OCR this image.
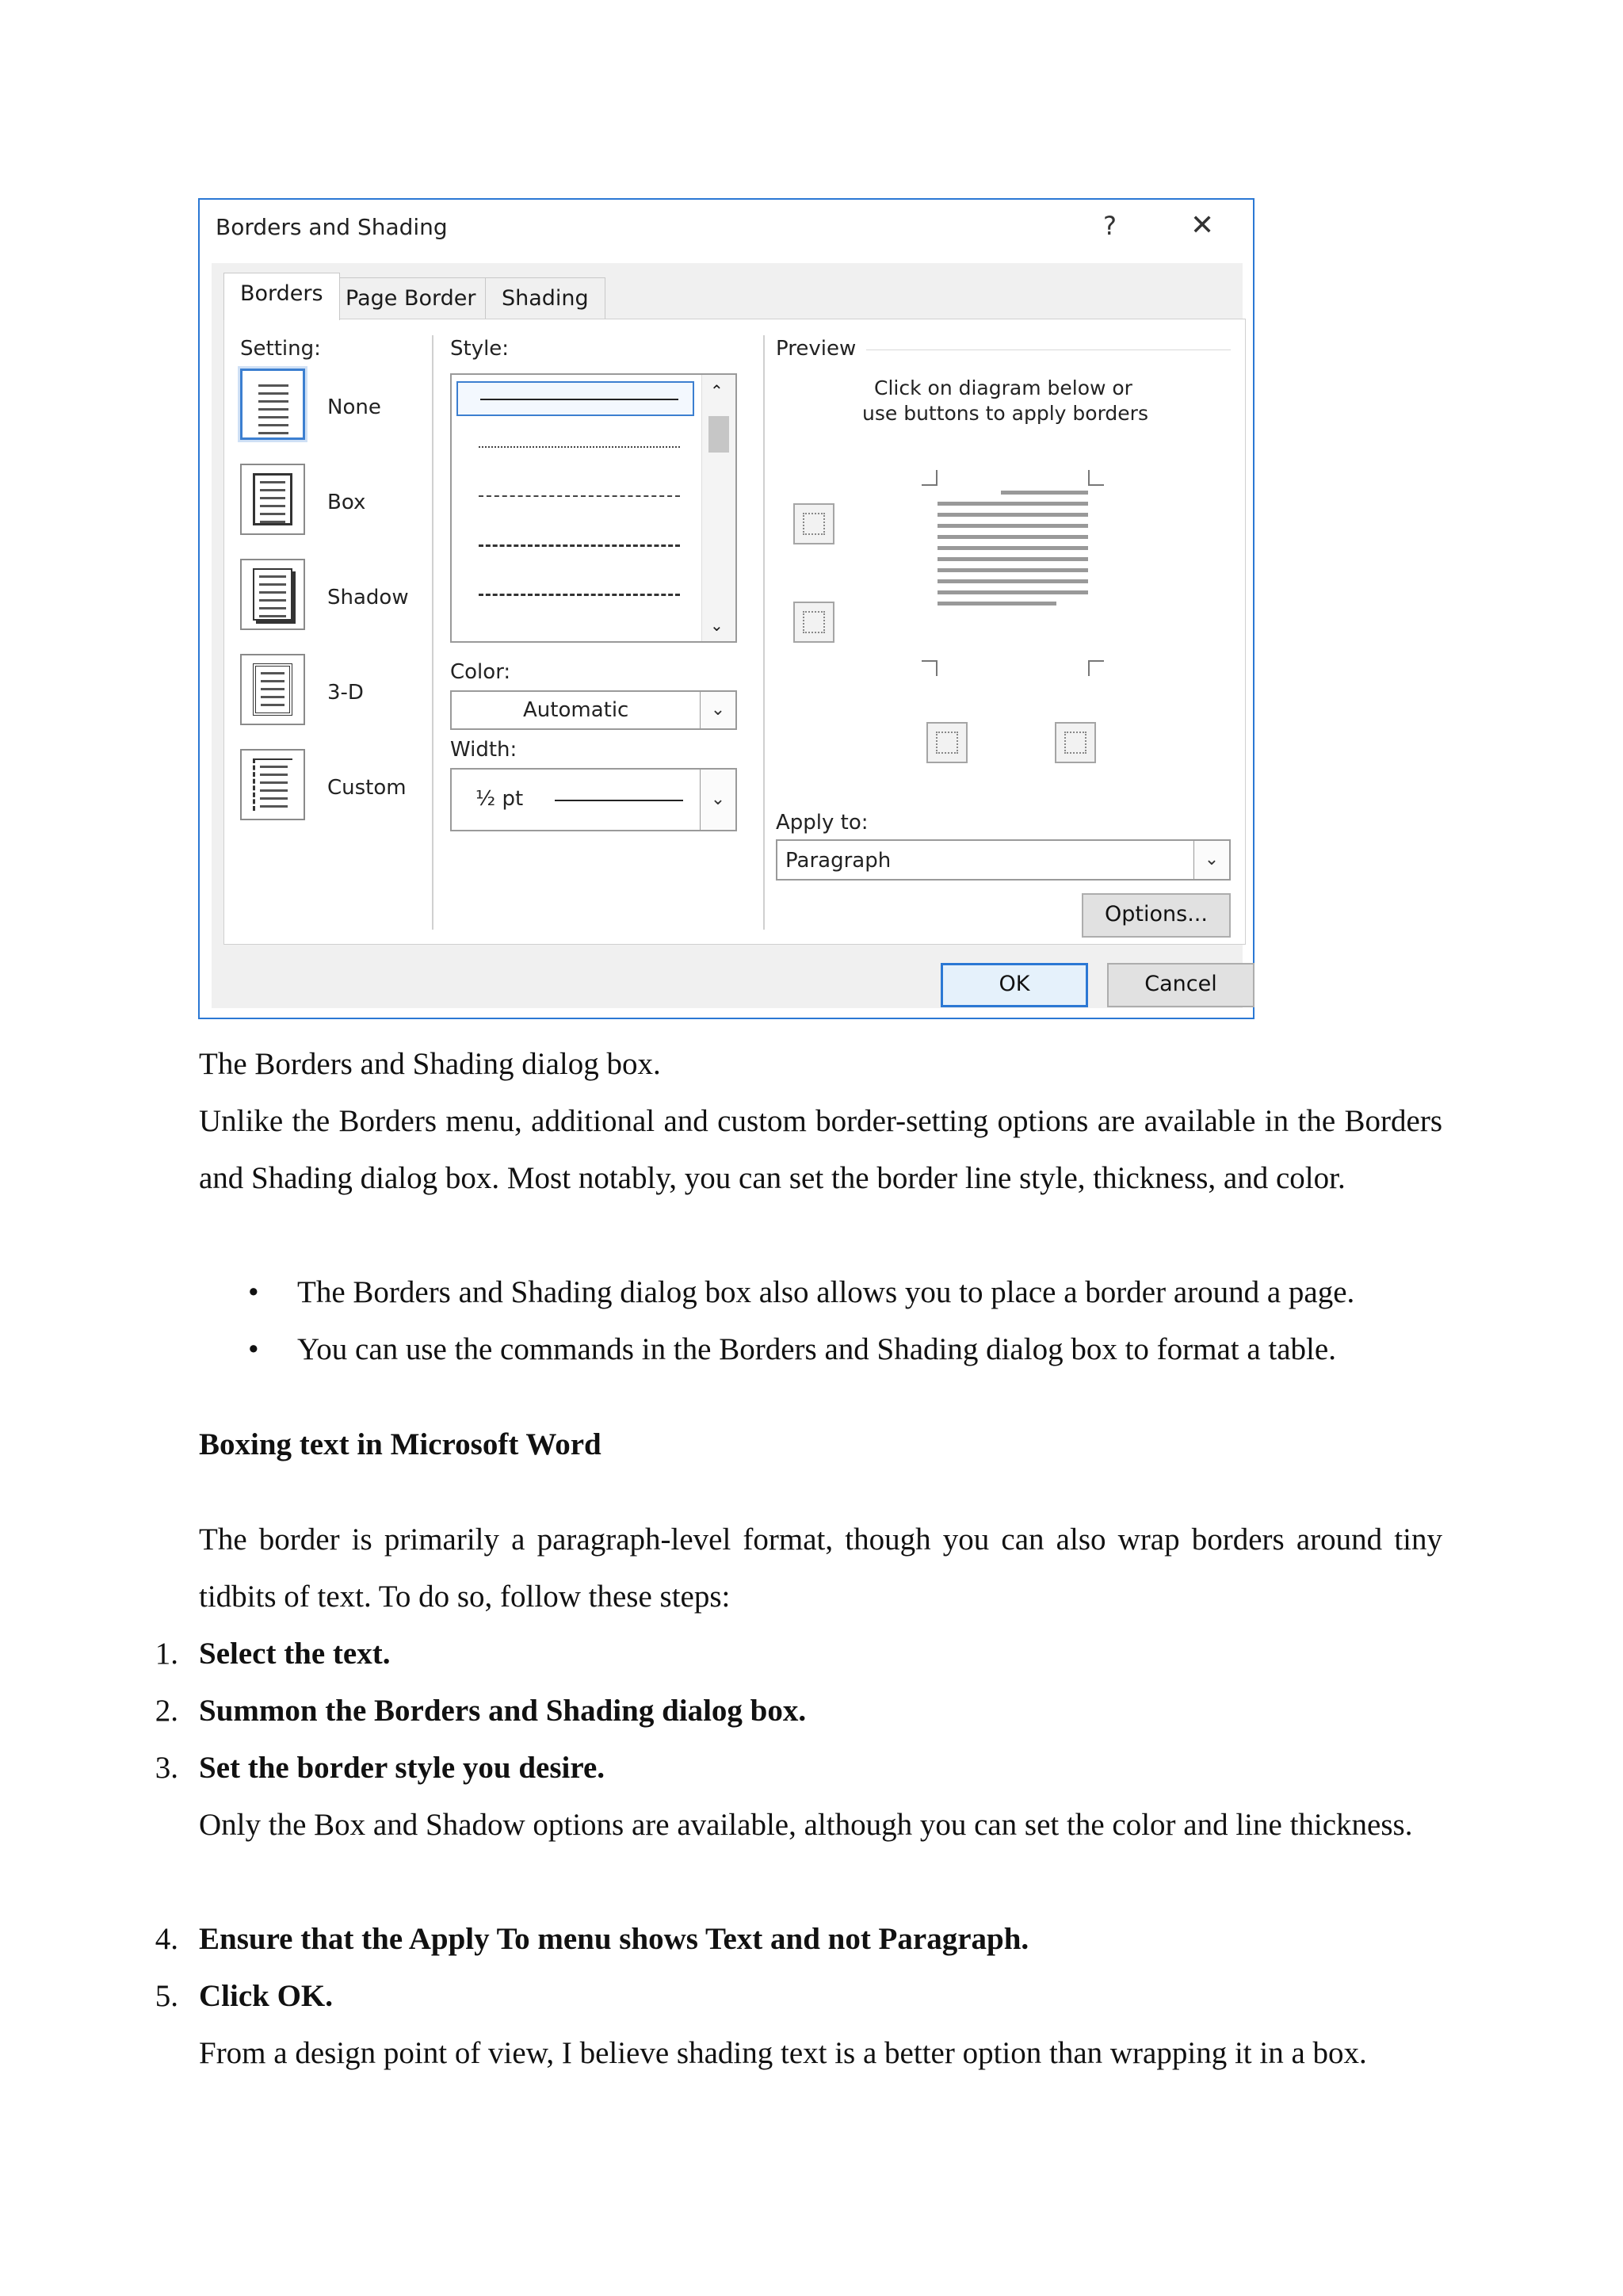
Borders and Shading	?	✕
Borders	Page Border	Shading
Setting:
None
Box
Shadow
3-D
Custom
Style:
⌃
⌄
Color:
Automatic	⌄
Width:
½ pt	⌄
Preview
Click on diagram below or
use buttons to apply borders
Apply to:
Paragraph	⌄
Options...
OK	Cancel
The Borders and Shading dialog box.
Unlike the Borders menu, additional and custom border-setting options are available in the Borders and Shading dialog box. Most notably, you can set the border line style, thickness, and color.
• The Borders and Shading dialog box also allows you to place a border around a page.
• You can use the commands in the Borders and Shading dialog box to format a table.
Boxing text in Microsoft Word
The border is primarily a paragraph-level format, though you can also wrap borders around tiny tidbits of text. To do so, follow these steps:
1. Select the text.
2. Summon the Borders and Shading dialog box.
3. Set the border style you desire.
Only the Box and Shadow options are available, although you can set the color and line thickness.
4. Ensure that the Apply To menu shows Text and not Paragraph.
5. Click OK.
From a design point of view, I believe shading text is a better option than wrapping it in a box.
